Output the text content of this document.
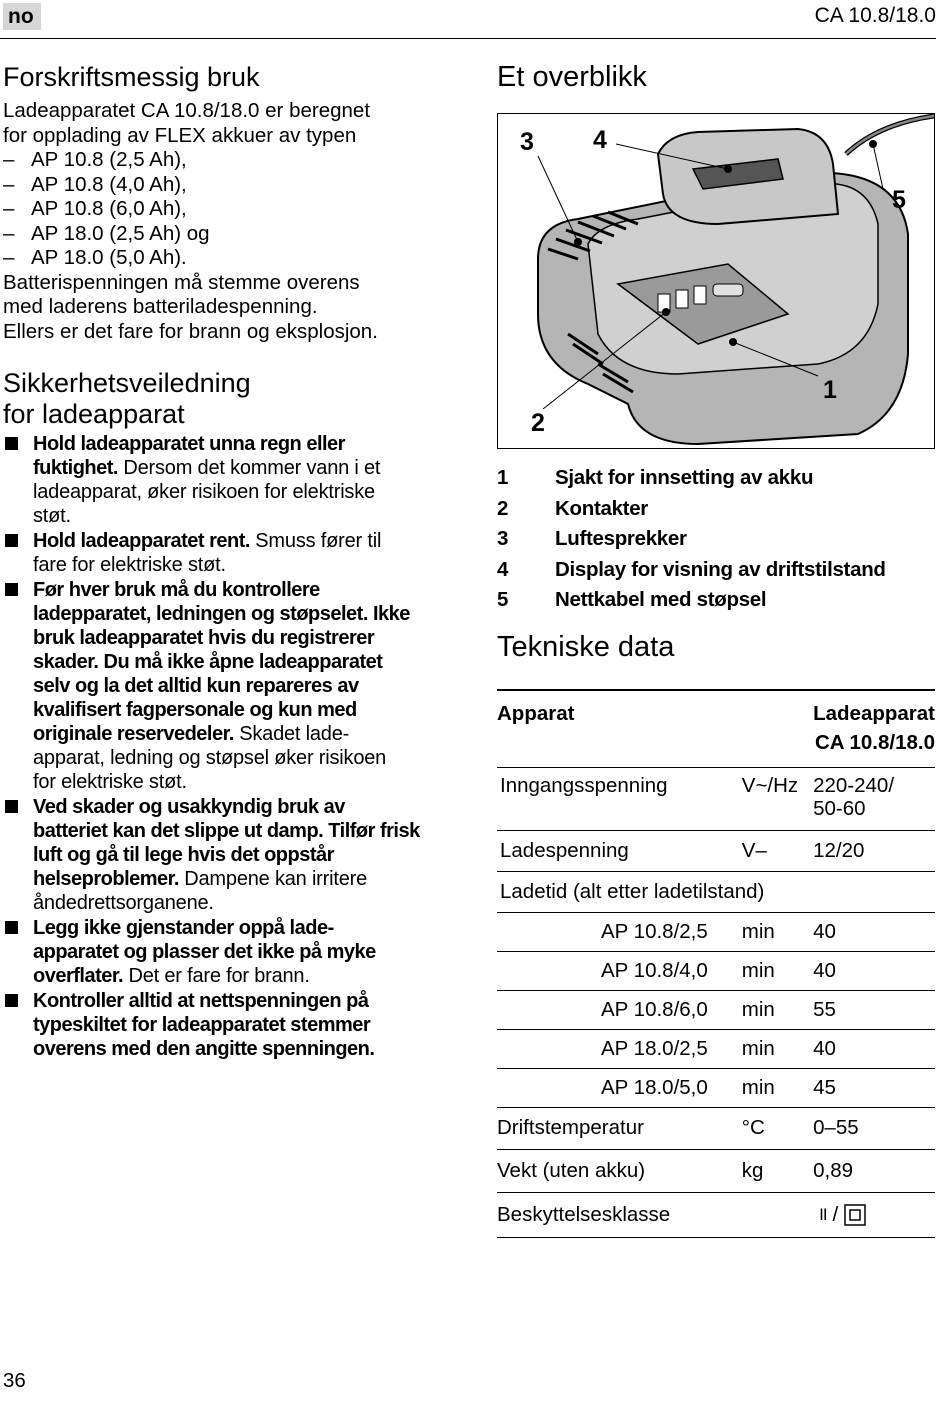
no	CA 10.8/18.0
Forskriftsmessig bruk

Ladeapparatet CA 10.8/18.0 er beregnet

for opplading av FLEX akkuer av typen

– AP 10.8 (2,5 Ah),
– AP 10.8 (4,0 Ah),
– AP 10.8 (6,0 Ah),
– AP 18.0 (2,5 Ah) og
– AP 18.0 (5,0 Ah).

Batterispenningen må stemme overens

med laderens batteriladespenning.

Ellers er det fare for brann og eksplosjon.

Sikkerhetsveiledning
for ladeapparat
Hold ladeapparatet unna regn eller
fuktighet. Dersom det kommer vann i et
ladeapparat, øker risikoen for elektriske
støt.
Hold ladeapparatet rent. Smuss fører til
fare for elektriske støt.
Før hver bruk må du kontrollere
ladepparatet, ledningen og støpselet. Ikke
bruk ladeapparatet hvis du registrerer
skader. Du må ikke åpne ladeapparatet
selv og la det alltid kun repareres av
kvalifisert fagpersonale og kun med
originale reservedeler. Skadet lade-
apparat, ledning og støpsel øker risikoen
for elektriske støt.
Ved skader og usakkyndig bruk av
batteriet kan det slippe ut damp. Tilfør frisk
luft og gå til lege hvis det oppstår
helseproblemer. Dampene kan irritere
åndedrettsorganene.
Legg ikke gjenstander oppå lade-
apparatet og plasser det ikke på myke
overflater. Det er fare for brann.
Kontroller alltid at nettspenningen på
typeskiltet for ladeapparatet stemmer
overens med den angitte spenningen.
Et overblikk
1
2
3 4
5
1	Sjakt for innsetting av akku
2	Kontakter
3	Luftesprekker
4	Display for visning av driftstilstand
5	Nettkabel med støpsel
Tekniske data
Apparat		Ladeapparat
CA 10.8/18.0
Inngangsspenning	V~/Hz	220-240/
50-60
Ladespenning	V–	12/20
Ladetid (alt etter ladetilstand)		
AP 10.8/2,5	min	40
AP 10.8/4,0	min	40
AP 10.8/6,0	min	55
AP 18.0/2,5	min	40
AP 18.0/5,0	min	45
Driftstemperatur	°C	0–55
Vekt (uten akku)	kg	0,89
Beskyttelsesklasse		II /
36
